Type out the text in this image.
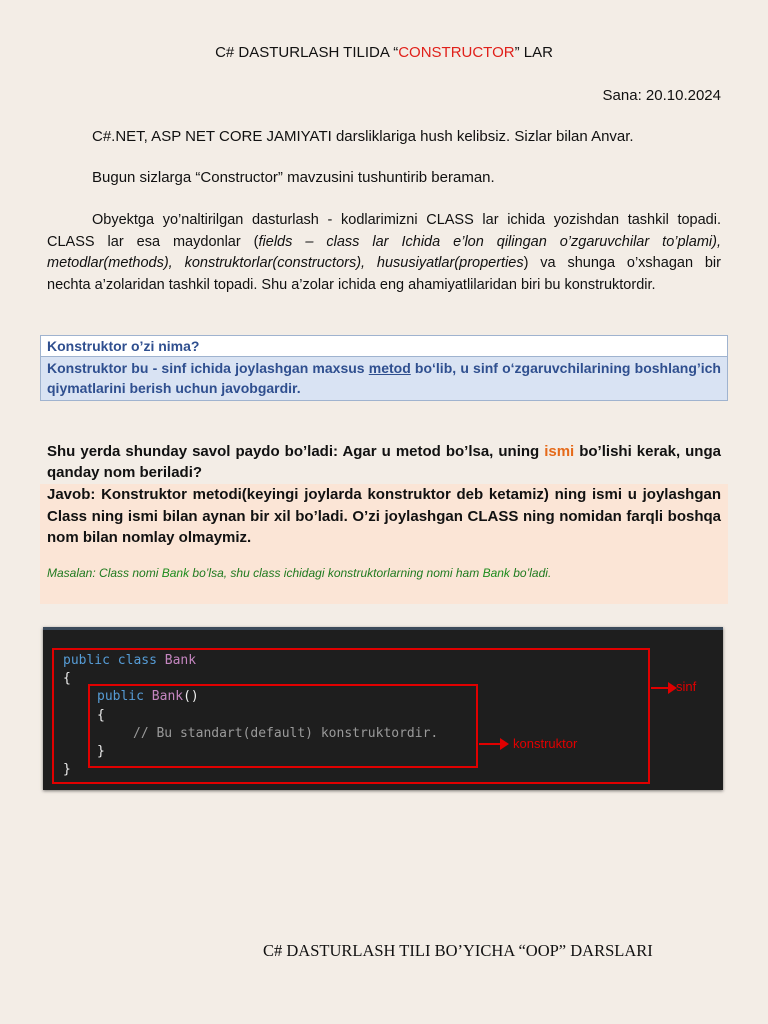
C# DASTURLASH TILIDA “CONSTRUCTOR” LAR
Sana: 20.10.2024
C#.NET, ASP NET CORE JAMIYATI darsliklariga hush kelibsiz. Sizlar bilan Anvar.
Bugun sizlarga “Constructor” mavzusini tushuntirib beraman.
Obyektga yo’naltirilgan dasturlash - kodlarimizni CLASS lar ichida yozishdan tashkil topadi. CLASS lar esa maydonlar (fields – class lar Ichida e’lon qilingan o’zgaruvchilar to’plami), metodlar(methods), konstruktorlar(constructors), hususiyatlar(properties) va shunga o’xshagan bir nechta a’zolaridan tashkil topadi. Shu a’zolar ichida eng ahamiyatlilaridan biri bu konstruktordir.
Konstruktor o’zi nima?
Konstruktor bu - sinf ichida joylashgan maxsus metod bo‘lib, u sinf o‘zgaruvchilarining boshlang’ich qiymatlarini berish uchun javobgardir.
Shu yerda shunday savol paydo bo’ladi: Agar u metod bo’lsa, uning ismi bo’lishi kerak, unga qanday nom beriladi?
Javob: Konstruktor metodi(keyingi joylarda konstruktor deb ketamiz) ning ismi u joylashgan Class ning ismi bilan aynan bir xil bo’ladi. O’zi joylashgan CLASS ning nomidan farqli boshqa nom bilan nomlay olmaymiz.
Masalan: Class nomi Bank bo’lsa, shu class ichidagi konstruktorlarning nomi ham Bank bo’ladi.
public class Bank
{
public Bank()
{
// Bu standart(default) konstruktordir.
}
}
sinf
konstruktor
C# DASTURLASH TILI BO’YICHA “OOP” DARSLARI
